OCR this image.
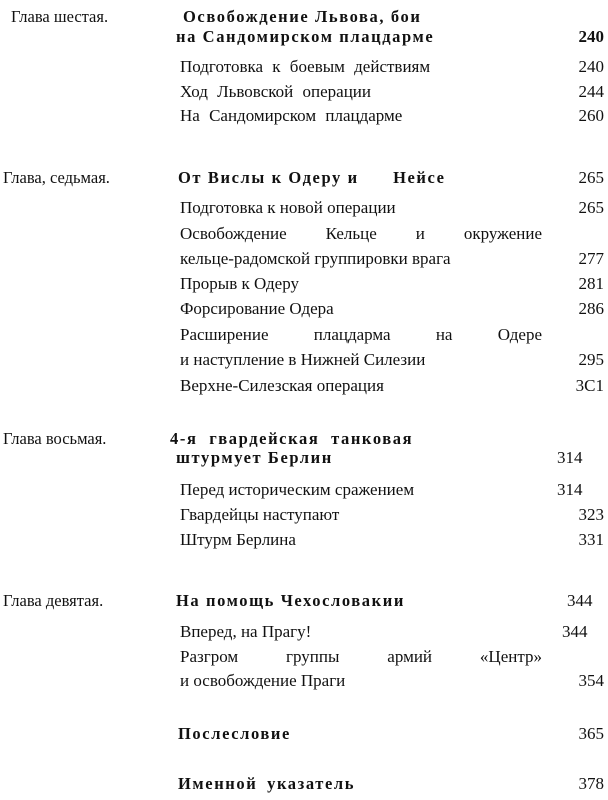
Глава шестая.	Освобождение Львова, бои
на Сандомирском плацдарме	240
Подготовка к боевым действиям	240
Ход Львовской операции	244
На Сандомирском плацдарме	260
Глава, седьмая.	От Вислы к Одеру и      Нейсе	265
Подготовка к новой операции	265
Освобождение Кельце и окружение
кельце-радомской группировки врага	277
Прорыв к Одеру	281
Форсирование Одера	286
Расширение плацдарма на Одере
и наступление в Нижней Силезии	295
Верхне-Силезская операция	3С1
Глава восьмая.	4-я гвардейская танковая
штурмует Берлин	314
Перед историческим сражением	314
Гвардейцы наступают	323
Штурм Берлина	331
Глава девятая.	На помощь Чехословакии	344
Вперед, на Прагу!	344
Разгром группы армий «Центр»
и освобождение Праги	354
Послесловие	365
Именной указатель	378
